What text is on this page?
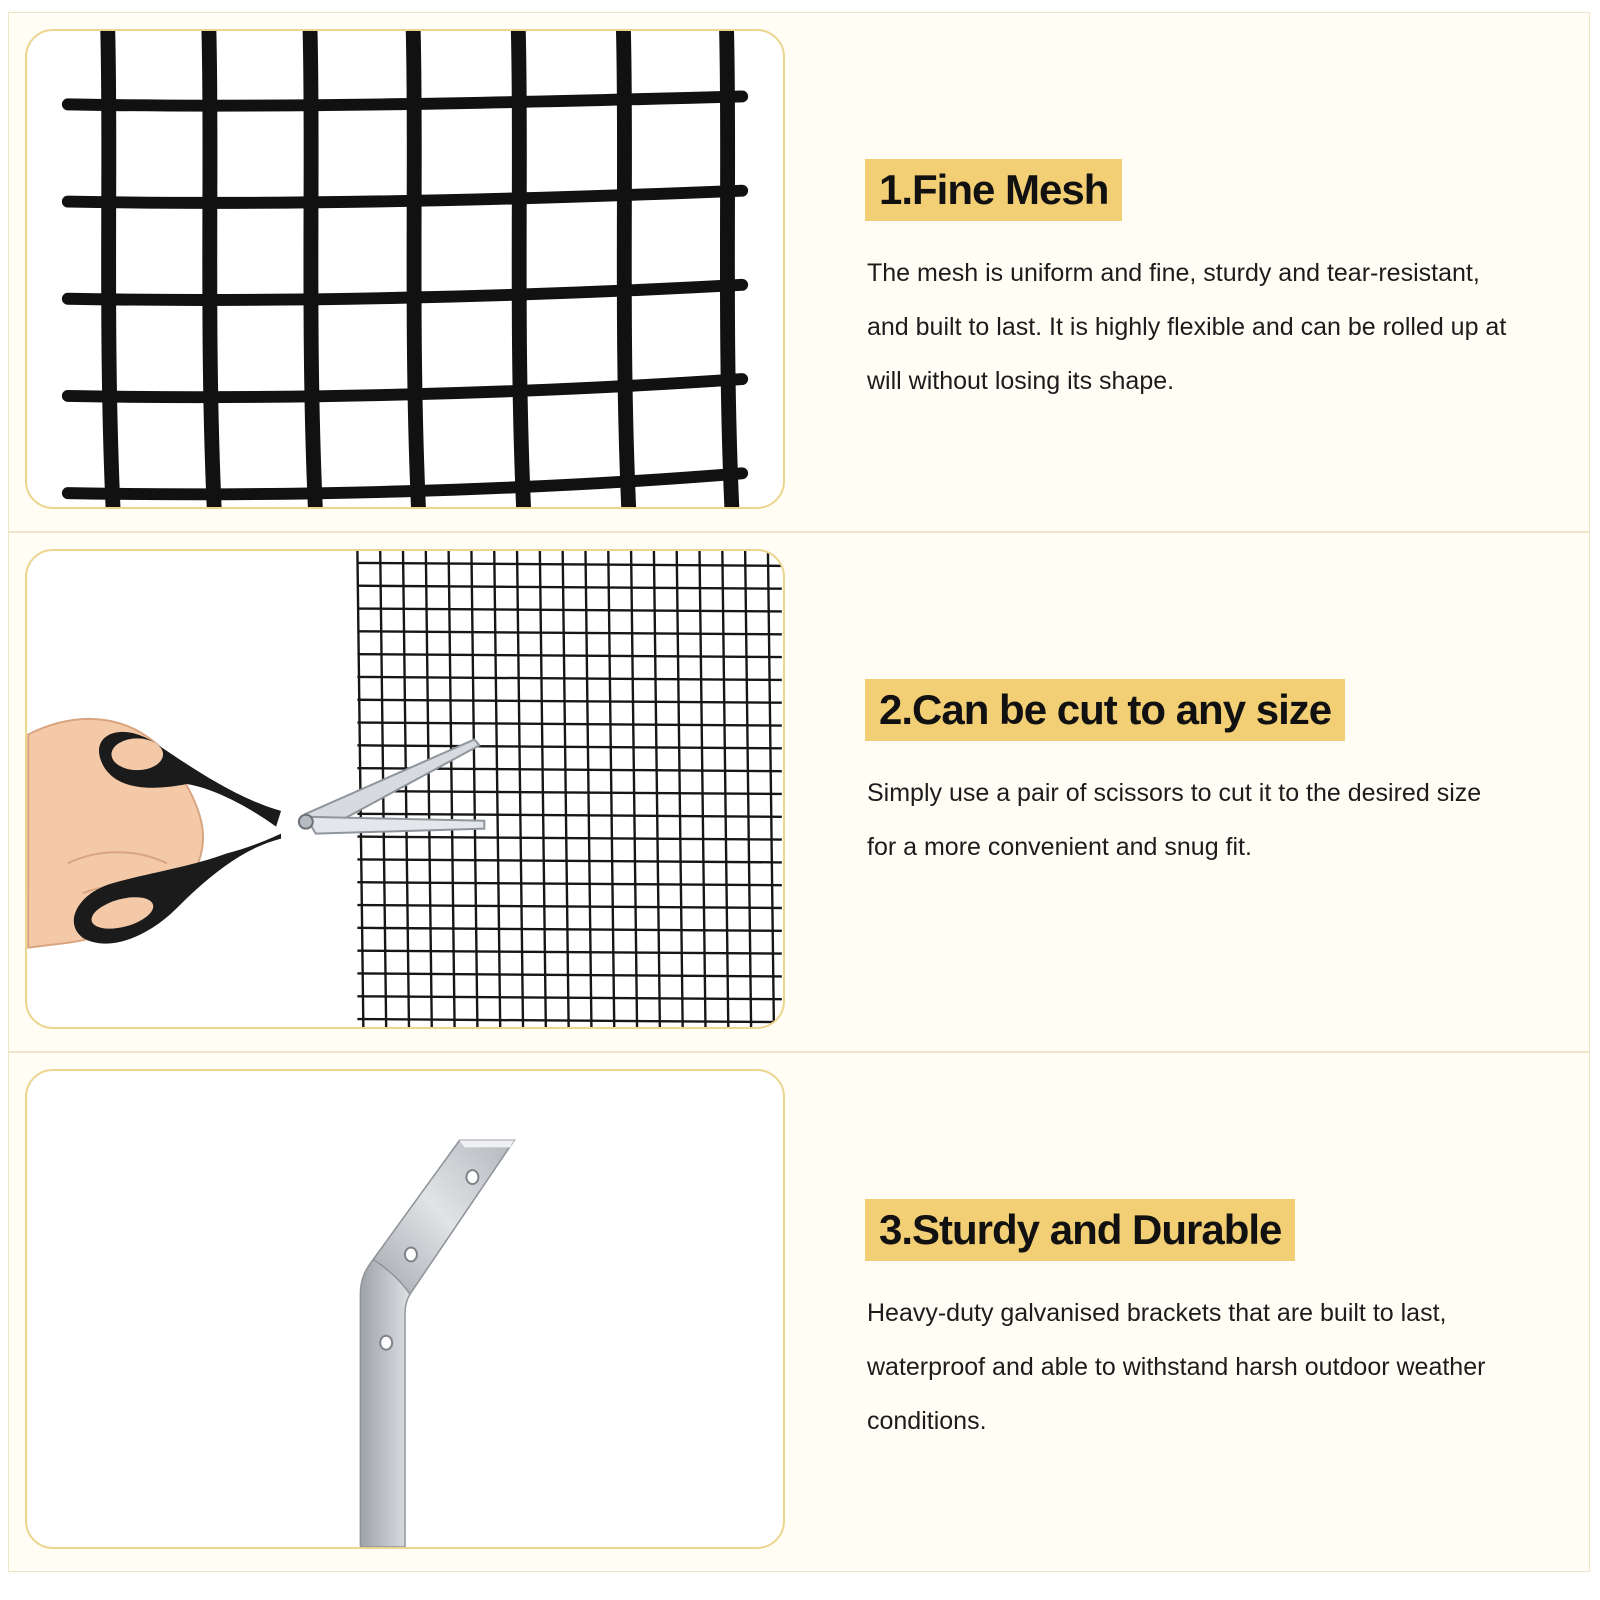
1.Fine Mesh

The mesh is uniform and fine, sturdy and tear-resistant, and built to last. It is highly flexible and can be rolled up at will without losing its shape.

2.Can be cut to any size

Simply use a pair of scissors to cut it to the desired size for a more convenient and snug fit.

3.Sturdy and Durable

Heavy-duty galvanised brackets that are built to last, waterproof and able to withstand harsh outdoor weather conditions.
